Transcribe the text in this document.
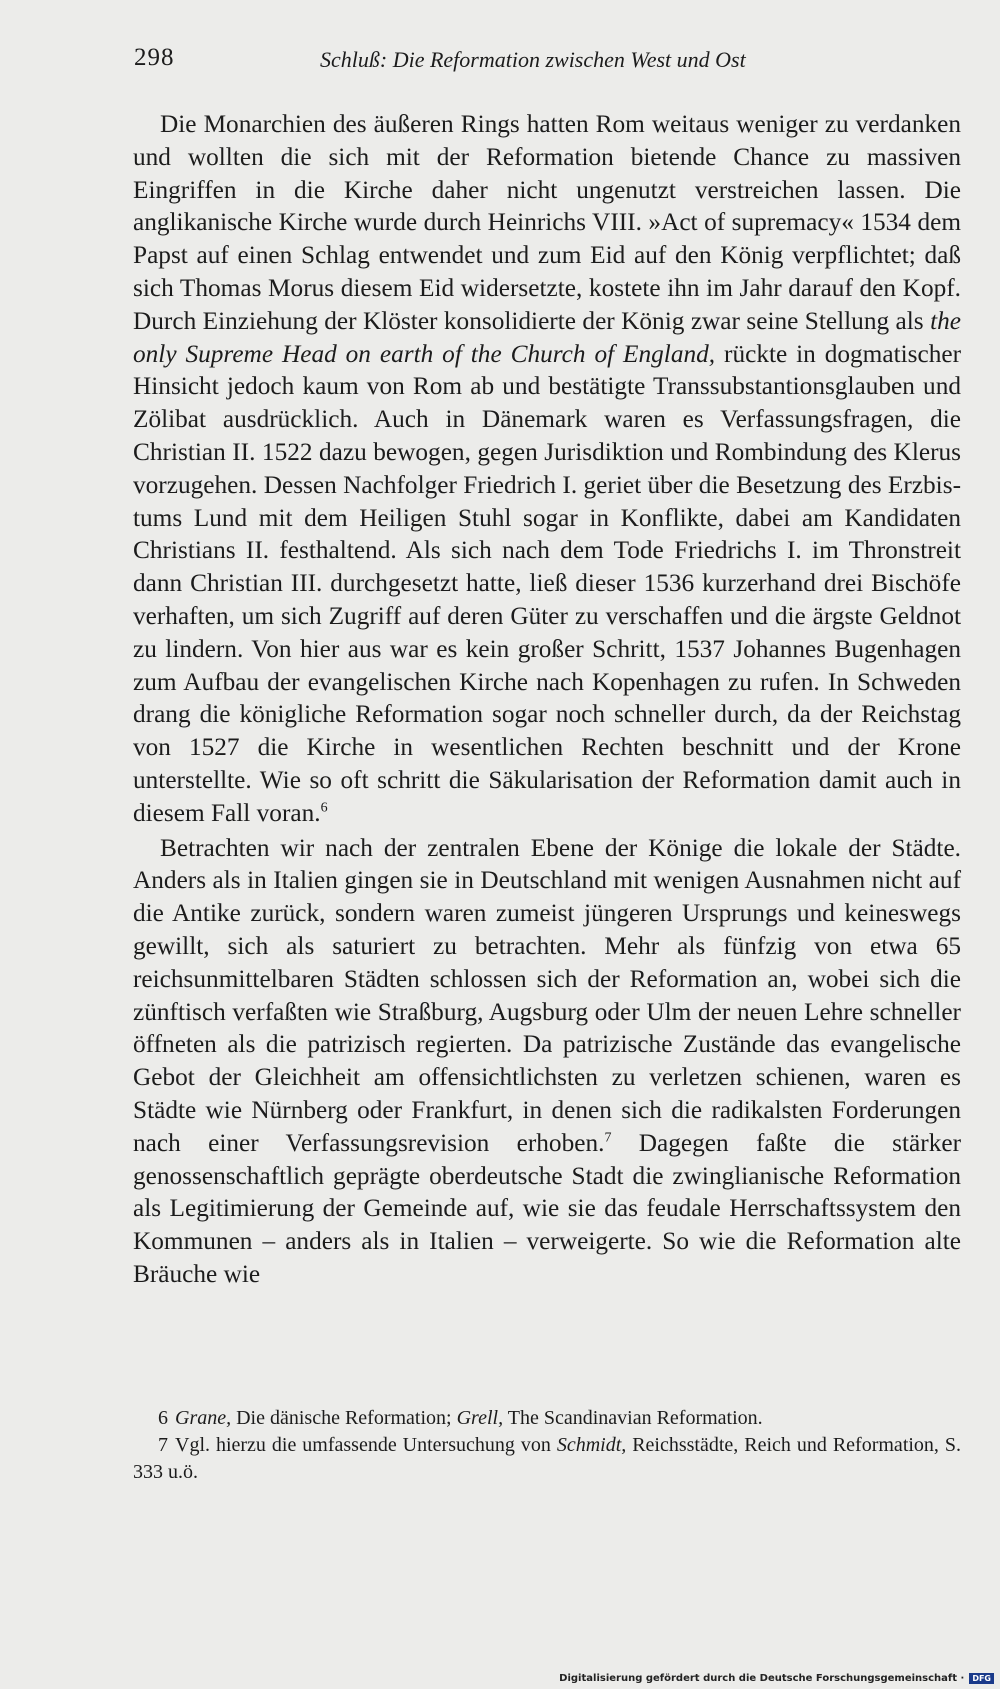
298	Schluß: Die Reformation zwischen West und Ost

Die Monarchien des äußeren Rings hatten Rom weitaus weniger zu verdanken und wollten die sich mit der Reformation bietende Chance zu massiven Eingriffen in die Kirche daher nicht ungenutzt verstreichen lassen. Die anglikanische Kirche wurde durch Heinrichs VIII. »Act of supremacy« 1534 dem Papst auf einen Schlag entwendet und zum Eid auf den König verpflichtet; daß sich Thomas Morus diesem Eid widersetzte, kostete ihn im Jahr darauf den Kopf. Durch Einziehung der Klöster konsolidierte der König zwar seine Stellung als the only Supreme Head on earth of the Church of England, rückte in dogmatischer Hinsicht jedoch kaum von Rom ab und bestätigte Transsubstantionsglauben und Zölibat ausdrücklich. Auch in Dänemark waren es Verfassungsfragen, die Christian II. 1522 dazu bewogen, gegen Jurisdiktion und Rombindung des Klerus vorzugehen. Dessen Nachfolger Friedrich I. geriet über die Besetzung des Erzbistums Lund mit dem Heiligen Stuhl sogar in Konflikte, dabei am Kandidaten Christians II. festhaltend. Als sich nach dem Tode Friedrichs I. im Thronstreit dann Christian III. durchgesetzt hatte, ließ dieser 1536 kurzerhand drei Bischöfe verhaften, um sich Zugriff auf deren Güter zu verschaffen und die ärgste Geldnot zu lindern. Von hier aus war es kein großer Schritt, 1537 Johannes Bugenhagen zum Aufbau der evangelischen Kirche nach Kopenhagen zu rufen. In Schweden drang die königliche Reformation sogar noch schneller durch, da der Reichstag von 1527 die Kirche in wesentlichen Rechten beschnitt und der Krone unterstellte. Wie so oft schritt die Säkularisation der Reformation damit auch in diesem Fall voran.$^6$

Betrachten wir nach der zentralen Ebene der Könige die lokale der Städte. Anders als in Italien gingen sie in Deutschland mit wenigen Ausnahmen nicht auf die Antike zurück, sondern waren zumeist jüngeren Ursprungs und keineswegs gewillt, sich als saturiert zu betrachten. Mehr als fünfzig von etwa 65 reichsunmittelbaren Städten schlossen sich der Reformation an, wobei sich die zünftisch verfaßten wie Straßburg, Augsburg oder Ulm der neuen Lehre schneller öffneten als die patrizisch regierten. Da patrizische Zustände das evangelische Gebot der Gleichheit am offensichtlichsten zu verletzen schienen, waren es Städte wie Nürnberg oder Frankfurt, in denen sich die radikalsten Forderungen nach einer Verfassungsrevision erhoben.$^7$ Dagegen faßte die stärker genossenschaftlich geprägte oberdeutsche Stadt die zwinglianische Reformation als Legitimierung der Gemeinde auf, wie sie das feudale Herrschaftssystem den Kommunen – anders als in Italien – verweigerte. So wie die Reformation alte Bräuche wie

6 Grane, Die dänische Reformation; Grell, The Scandinavian Reformation.

7 Vgl. hierzu die umfassende Untersuchung von Schmidt, Reichsstädte, Reich und Reformation, S. 333 u.ö.

Digitalisierung gefördert durch die Deutsche Forschungsgemeinschaft ·	DFG
